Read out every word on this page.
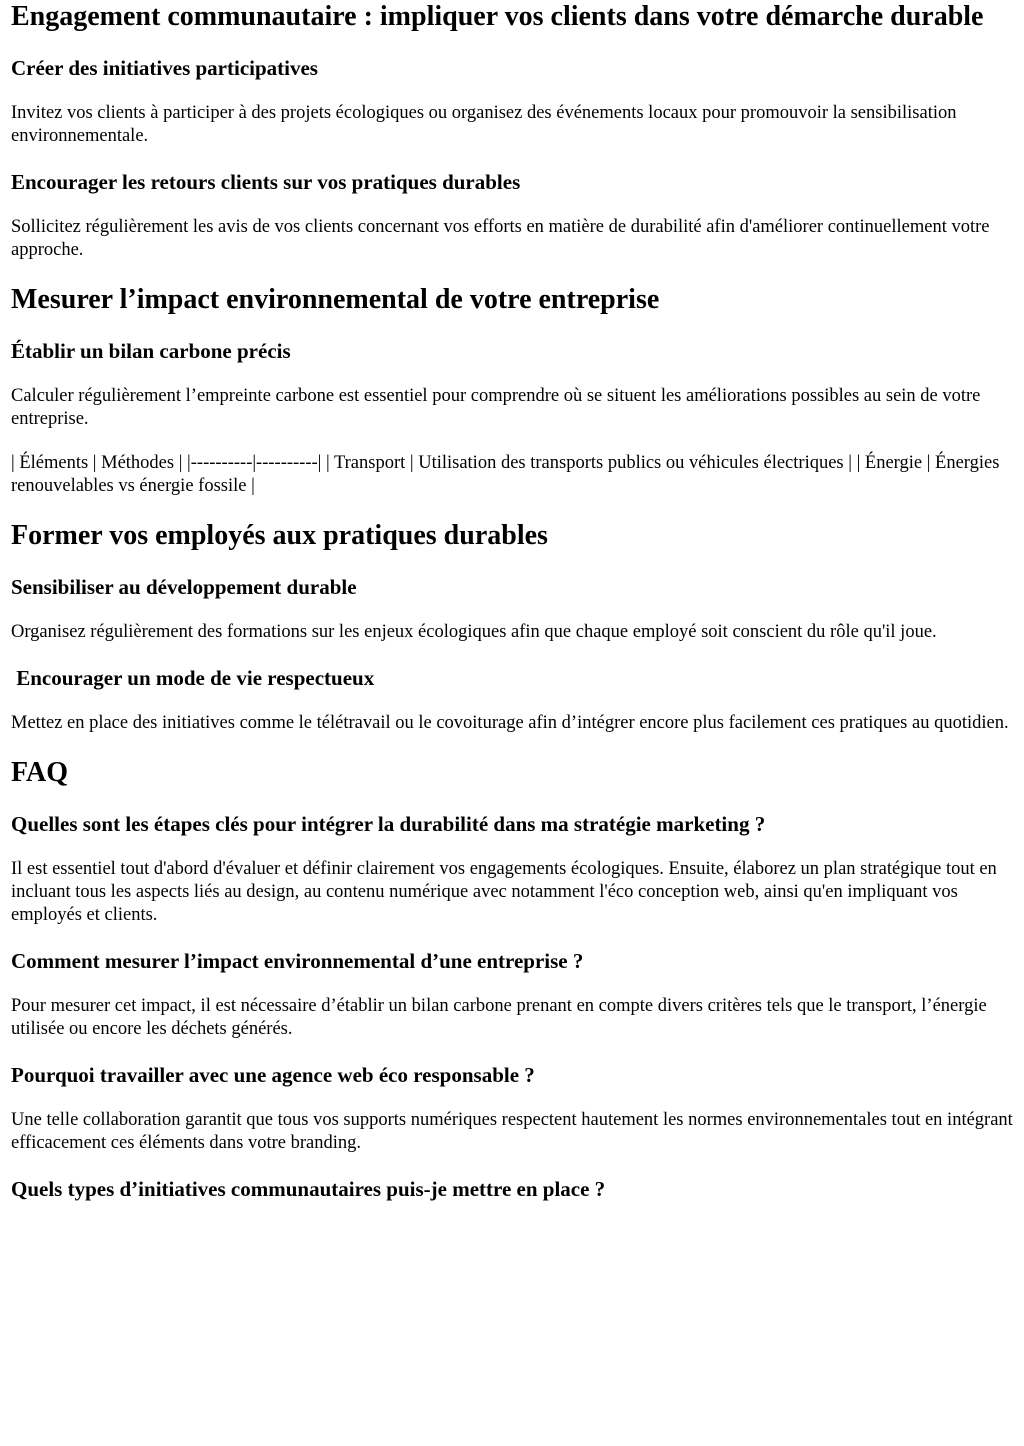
Engagement communautaire : impliquer vos clients dans votre démarche durable
Créer des initiatives participatives

Invitez vos clients à participer à des projets écologiques ou organisez des événements locaux pour promouvoir la sensibilisation environnementale.

Encourager les retours clients sur vos pratiques durables

Sollicitez régulièrement les avis de vos clients concernant vos efforts en matière de durabilité afin d'améliorer continuellement votre approche.

Mesurer l’impact environnemental de votre entreprise
Établir un bilan carbone précis

Calculer régulièrement l’empreinte carbone est essentiel pour comprendre où se situent les améliorations possibles au sein de votre entreprise.

| Éléments | Méthodes | |----------|----------| | Transport | Utilisation des transports publics ou véhicules électriques | | Énergie | Énergies renouvelables vs énergie fossile |

Former vos employés aux pratiques durables
Sensibiliser au développement durable

Organisez régulièrement des formations sur les enjeux écologiques afin que chaque employé soit conscient du rôle qu'il joue.

Encourager un mode de vie respectueux

Mettez en place des initiatives comme le télétravail ou le covoiturage afin d’intégrer encore plus facilement ces pratiques au quotidien.

FAQ
Quelles sont les étapes clés pour intégrer la durabilité dans ma stratégie marketing ?

Il est essentiel tout d'abord d'évaluer et définir clairement vos engagements écologiques. Ensuite, élaborez un plan stratégique tout en incluant tous les aspects liés au design, au contenu numérique avec notamment l'éco conception web, ainsi qu'en impliquant vos employés et clients.

Comment mesurer l’impact environnemental d’une entreprise ?

Pour mesurer cet impact, il est nécessaire d’établir un bilan carbone prenant en compte divers critères tels que le transport, l’énergie utilisée ou encore les déchets générés.

Pourquoi travailler avec une agence web éco responsable ?

Une telle collaboration garantit que tous vos supports numériques respectent hautement les normes environnementales tout en intégrant efficacement ces éléments dans votre branding.

Quels types d’initiatives communautaires puis-je mettre en place ?
